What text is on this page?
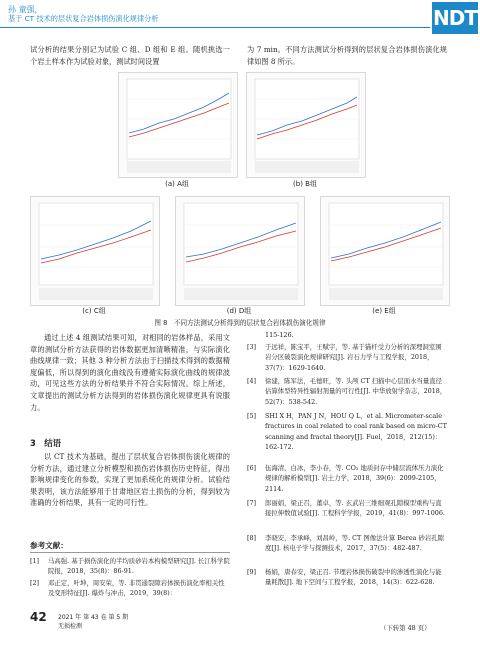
孙 童强，
基于 CT 技术的层状复合岩体损伤演化规律分析	NDT
试分析的结果分别记为试验 C 组、D 组和 E 组。随机挑选一个岩土样本作为试验对象，测试时间设置
为 7 min。不同方法测试分析得到的层状复合岩体损伤演化规律如图 8 所示。
(a) A组	(b) B组
(c) C组	(d) D组	(e) E组
图 8　不同方法测试分析得到的层状复合岩体损伤演化规律
通过上述 4 组测试结果可知，对相同的岩体样品，采用文章的测试分析方法获得的岩体数据更加清晰精准，与实际演化曲线规律一致；其他 3 种分析方法由于扫描技术得到的数据精度偏低，所以得到的演化曲线没有遵循实际演化曲线的规律波动，可见这些方法的分析结果并不符合实际情况。综上所述，文章提出的测试分析方法得到的岩体损伤演化规律更具有说服力。
3　结语
以 CT 技术为基础，提出了层状复合岩体损伤演化规律的分析方法，通过建立分析模型和损伤岩体损伤历史特征，得出影响规律变化的参数，实现了更加系统化的规律分析。试验结果表明，该方法能够用于甘肃地区岩土损伤的分析，得到较为准确的分析结果，具有一定的可行性。
参考文献：
[1] 马高强. 基于损伤演化的半均质砂岩本构模型研究[J]. 长江科学院院报，2018，35(8)：86-91.
[2] 邓正定，叶坤，周安荣，等. 非贯通裂隙岩体损伤演化率相关性及变形特征[J]. 爆炸与冲击，2019，39(8)：
115-126.
[3] 于远祥，陈宝平，王赋宇，等. 基于锚杆受力分析的深埋洞室围岩分区破裂演化规律研究[J]. 岩石力学与工程学报，2018，37(7)：1629-1640.
[4] 徐建，陈军法，毛德旺，等. 头颅 CT 扫描中心层面水当量直径估算体型特异性辐射剂量的可行性[J]. 中华放射学杂志，2018，52(7)：538-542.
[5] SHI X H，PAN J N，HOU Q L，et al. Micrometer-scale fractures in coal related to coal rank based on micro-CT scanning and fractal theory[J]. Fuel，2018，212(15)：162-172.
[6] 伍海清，白冰，李小春，等. CO₂ 地质封存中储层流体压力演化规律的解析模型[J]. 岩土力学，2018，39(6)：2099-2105，2114.
[7] 郎丽娟，梁正召，董卓，等. 玄武岩三维细观孔隙模型重构与直接拉伸数值试验[J]. 工程科学学报，2019，41(8)：997-1006.
[8] 李晓安，李承峰，刘昌岭，等. CT 图像法计算 Berea 砂岩孔隙度[J]. 核电子学与探测技术，2017，37(5)：482-487.
[9] 杨娟，唐春安，梁正召. 节理岩体损伤破裂中的渗透性演化与能量耗散[J]. 地下空间与工程学报，2018，14(3)：622-628.
（下转第 48 页）
42 2021 年 第 43 卷 第 5 期
无损检测
